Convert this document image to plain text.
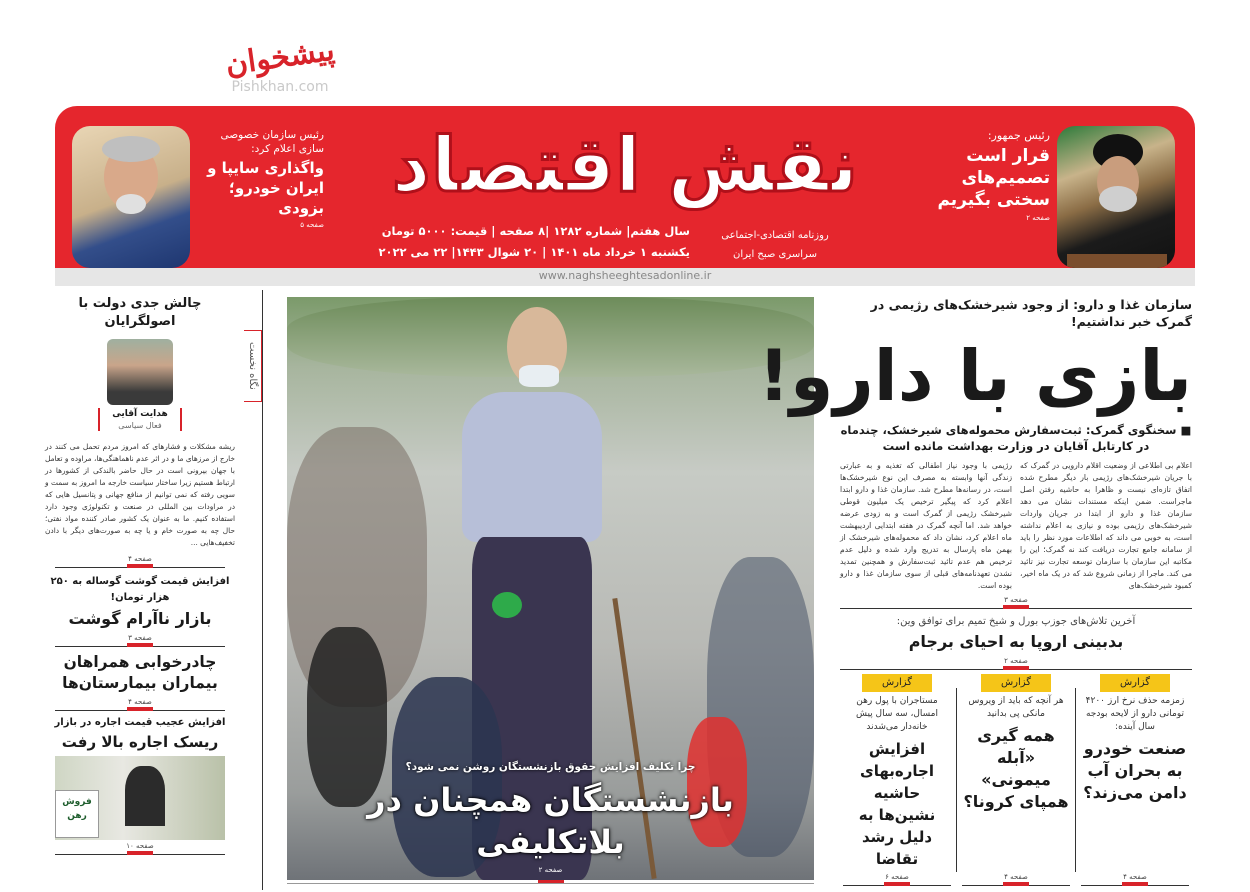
پیشخوان
Pishkhan.com
www.naghsheeghtesadonline.ir
نقش اقتصاد
سال هفتم| شماره ۱۲۸۲ |۸ صفحه | قیمت: ۵۰۰۰ تومان
یکشنبه ۱ خرداد ماه ۱۴۰۱ | ۲۰ شوال ۱۴۴۳| ۲۲ می ۲۰۲۲
روزنامه اقتصادی-اجتماعی
سراسری صبح ایران
رئیس سازمان خصوصی سازی اعلام کرد:
واگذاری سایپا و ایران خودرو؛ بزودی
صفحه ۵
رئیس جمهور:
قرار است تصمیم‌های سختی بگیریم
صفحه ۲
چالش جدی دولت با اصولگرایان
هدایت آقایی
فعال سیاسی
ریشه مشکلات و فشارهای که امروز مردم تحمل می کنند در خارج از مرزهای ما و در اثر عدم ناهماهنگی‌ها، مراوده و تعامل با جهان بیرونی است در حال حاضر بالندکی از کشورها در ارتباط هستیم زیرا ساختار سیاست خارجه ما امروز به سمت و سویی رفته که نمی توانیم از منافع جهانی و پتانسیل هایی که در مراودات بین المللی در صنعت و تکنولوژی وجود دارد استفاده کنیم. ما به عنوان یک کشور صادر کننده مواد نفتی؛ حال چه به صورت خام و یا چه به صورت‌های دیگر با دادن تخفیف‌هایی ...
صفحه ۴
افزایش قیمت گوشت گوساله به ۲۵۰ هزار تومان!
بازار ناآرام گوشت
صفحه ۳
چادرخوابی همراهان بیماران بیمارستان‌ها
صفحه ۴
افزایش عجیب قیمت اجاره در بازار
ریسک اجاره بالا رفت
فروش رهن
صفحه ۱۰
نگاه نخست
چرا تکلیف افزایش حقوق بازنشستگان روشن نمی شود؟
بازنشستگان همچنان در بلاتکلیفی
صفحه ۲
سازمان غذا و دارو: از وجود شیرخشک‌های رژیمی در گمرک خبر نداشتیم!
بازی با دارو!
■ سخنگوی گمرک: ثبت‌سفارش محموله‌های شیرخشک، چندماه در کارتابل آقایان در وزارت بهداشت مانده است
اعلام بی اطلاعی از وضعیت اقلام دارویی در گمرک که با جریان شیرخشک‌های رژیمی بار دیگر مطرح شده اتفاق تازه‌ای نیست و ظاهرا به حاشیه رفتن اصل ماجراست. ضمن اینکه مستندات نشان می دهد سازمان غذا و دارو از ابتدا در جریان واردات شیرخشک‌های رژیمی بوده و نیازی به اعلام نداشته است، به خوبی می داند که اطلاعات مورد نظر را باید از سامانه جامع تجارت دریافت کند نه گمرک؛ این را مکاتبه این سازمان با سازمان توسعه تجارت نیز تائید می کند. ماجرا از زمانی شروع شد که در یک ماه اخیر، کمبود شیرخشک‌های
رژیمی با وجود نیاز اطفالی که تغذیه و به عبارتی زندگی آنها وابسته به مصرف این نوع شیرخشک‌ها است، در رسانه‌ها مطرح شد. سازمان غذا و دارو ابتدا اعلام کرد که پیگیر ترخیص یک میلیون قوطی شیرخشک رژیمی از گمرک است و به زودی عرضه خواهد شد. اما آنچه گمرک در هفته ابتدایی اردیبهشت ماه اعلام کرد، نشان داد که محموله‌های شیرخشک از بهمن ماه پارسال به تدریج وارد شده و دلیل عدم ترخیص هم عدم تائید ثبت‌سفارش و همچنین تمدید نشدن تعهدنامه‌های قبلی از سوی سازمان غذا و دارو بوده است.
صفحه ۳
آخرین تلاش‌های جوزپ بورل و شیخ تمیم برای توافق وین:
بدبینی اروپا به احیای برجام
صفحه ۲
گزارش
زمزمه حذف نرخ ارز ۴۲۰۰ تومانی دارو از لایحه بودجه سال آینده:
صنعت خودرو به بحران آب دامن می‌زند؟
صفحه ۴
گزارش
هر آنچه که باید از ویروس مانکی پی بدانید
همه گیری «آبله میمونی» همپای کرونا؟
صفحه ۴
گزارش
مستاجران با پول رهن امسال، سه سال پیش خانه‌دار می‌شدند
افزایش اجاره‌بهای حاشیه نشین‌ها به دلیل رشد تقاضا
صفحه ۶
